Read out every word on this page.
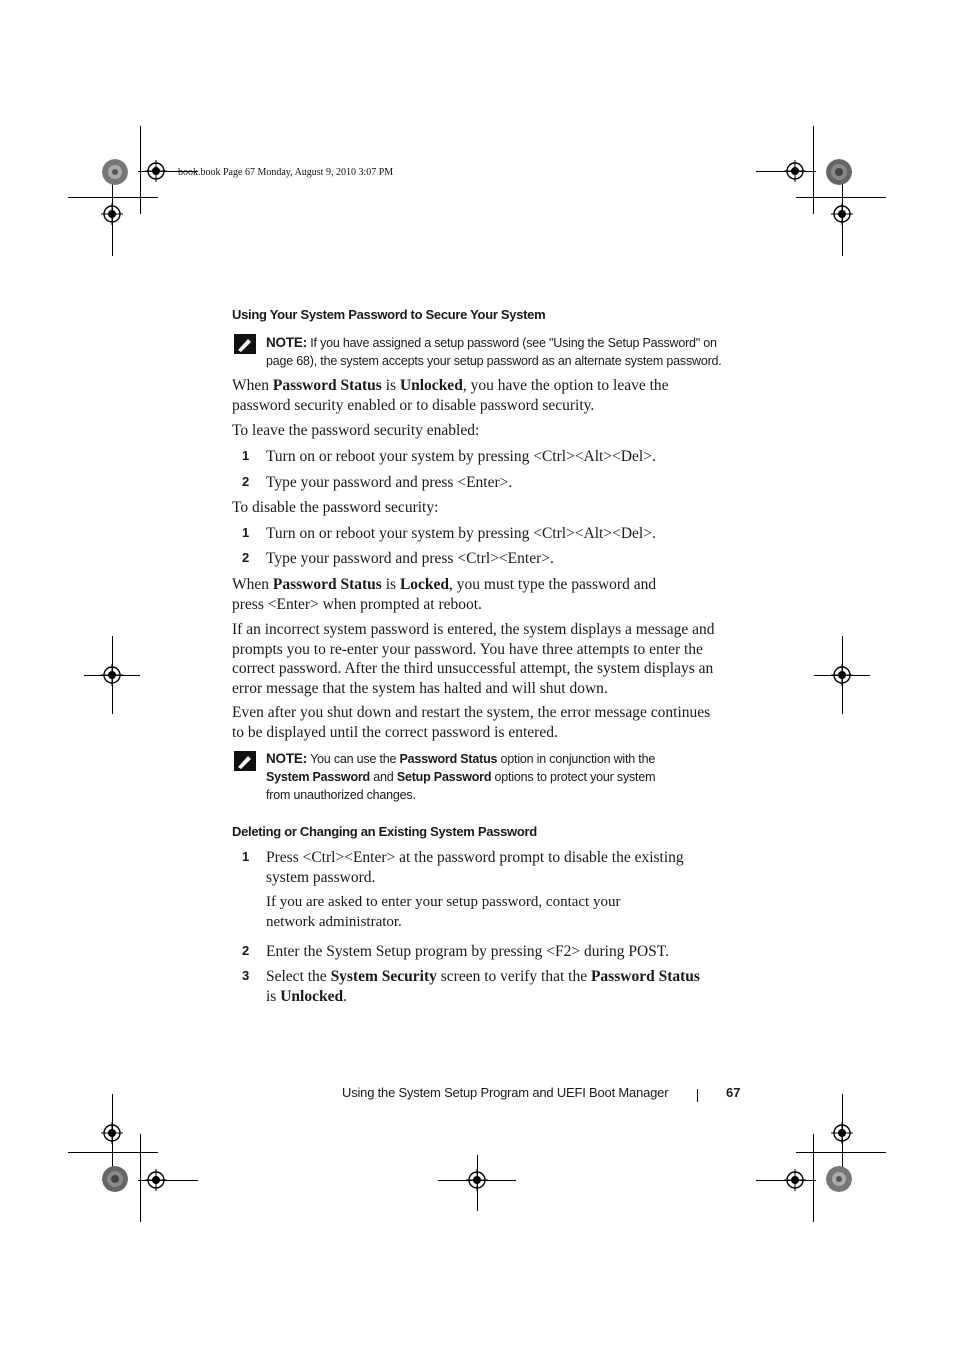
book.book Page 67 Monday, August 9, 2010 3:07 PM
Using Your System Password to Secure Your System
NOTE: If you have assigned a setup password (see "Using the Setup Password" on
page 68), the system accepts your setup password as an alternate system password.
When Password Status is Unlocked, you have the option to leave the
password security enabled or to disable password security.
To leave the password security enabled:
1 Turn on or reboot your system by pressing <Ctrl><Alt><Del>.
2 Type your password and press <Enter>.
To disable the password security:
1 Turn on or reboot your system by pressing <Ctrl><Alt><Del>.
2 Type your password and press <Ctrl><Enter>.
When Password Status is Locked, you must type the password and
press <Enter> when prompted at reboot.
If an incorrect system password is entered, the system displays a message and
prompts you to re-enter your password. You have three attempts to enter the
correct password. After the third unsuccessful attempt, the system displays an
error message that the system has halted and will shut down.
Even after you shut down and restart the system, the error message continues
to be displayed until the correct password is entered.
NOTE: You can use the Password Status option in conjunction with the
System Password and Setup Password options to protect your system
from unauthorized changes.
Deleting or Changing an Existing System Password
1 Press <Ctrl><Enter> at the password prompt to disable the existing
system password.
If you are asked to enter your setup password, contact your
network administrator.
2 Enter the System Setup program by pressing <F2> during POST.
3 Select the System Security screen to verify that the Password Status
is Unlocked.
Using the System Setup Program and UEFI Boot Manager	67
